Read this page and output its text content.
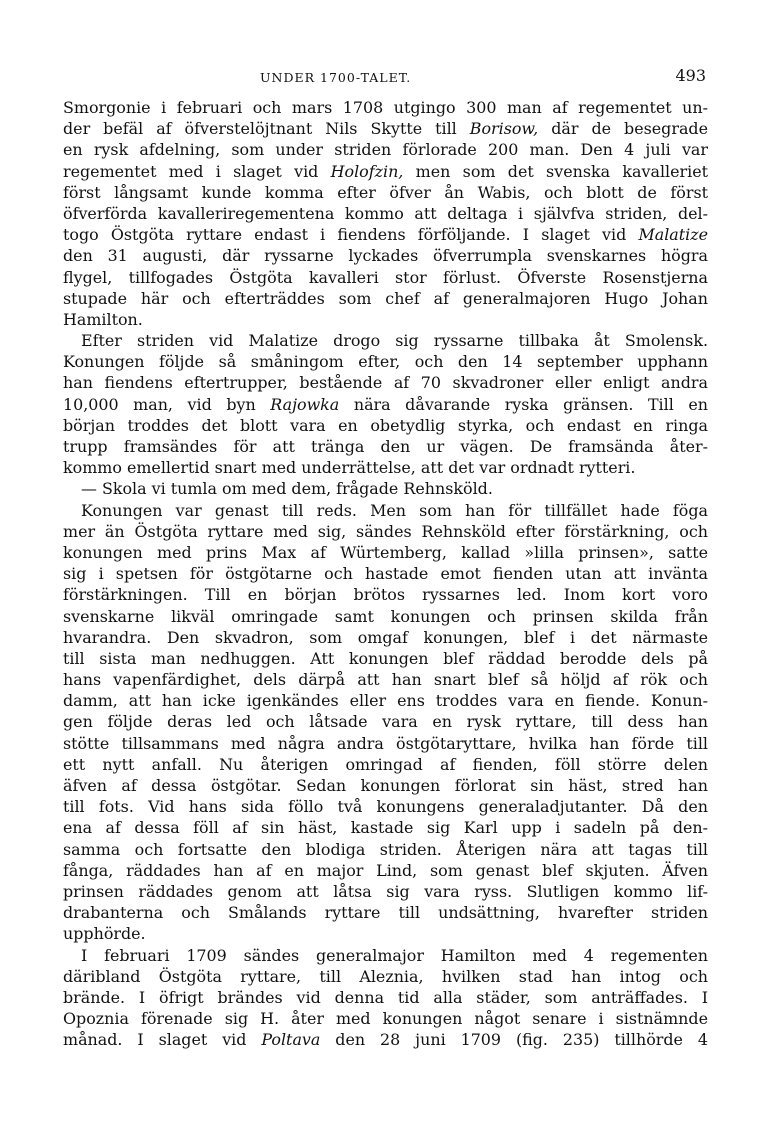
UNDER 1700-TALET.	493
Smorgonie i februari och mars 1708 utgingo 300 man af regementet un-
der befäl af öfverstelöjtnant Nils Skytte till Borisow, där de besegrade
en rysk afdelning, som under striden förlorade 200 man. Den 4 juli var
regementet med i slaget vid Holofzin, men som det svenska kavalleriet
först långsamt kunde komma efter öfver ån Wabis, och blott de först
öfverförda kavalleriregementena kommo att deltaga i självfva striden, del-
togo Östgöta ryttare endast i fiendens förföljande. I slaget vid Malatize
den 31 augusti, där ryssarne lyckades öfverrumpla svenskarnes högra
flygel, tillfogades Östgöta kavalleri stor förlust. Öfverste Rosenstjerna
stupade här och efterträddes som chef af generalmajoren Hugo Johan
Hamilton.
Efter striden vid Malatize drogo sig ryssarne tillbaka åt Smolensk.
Konungen följde så småningom efter, och den 14 september upphann
han fiendens eftertrupper, bestående af 70 skvadroner eller enligt andra
10,000 man, vid byn Rajowka nära dåvarande ryska gränsen. Till en
början troddes det blott vara en obetydlig styrka, och endast en ringa
trupp framsändes för att tränga den ur vägen. De framsända åter-
kommo emellertid snart med underrättelse, att det var ordnadt rytteri.
— Skola vi tumla om med dem, frågade Rehnsköld.
Konungen var genast till reds. Men som han för tillfället hade föga
mer än Östgöta ryttare med sig, sändes Rehnsköld efter förstärkning, och
konungen med prins Max af Würtemberg, kallad »lilla prinsen», satte
sig i spetsen för östgötarne och hastade emot fienden utan att invänta
förstärkningen. Till en början brötos ryssarnes led. Inom kort voro
svenskarne likväl omringade samt konungen och prinsen skilda från
hvarandra. Den skvadron, som omgaf konungen, blef i det närmaste
till sista man nedhuggen. Att konungen blef räddad berodde dels på
hans vapenfärdighet, dels därpå att han snart blef så höljd af rök och
damm, att han icke igenkändes eller ens troddes vara en fiende. Konun-
gen följde deras led och låtsade vara en rysk ryttare, till dess han
stötte tillsammans med några andra östgötaryttare, hvilka han förde till
ett nytt anfall. Nu återigen omringad af fienden, föll större delen
äfven af dessa östgötar. Sedan konungen förlorat sin häst, stred han
till fots. Vid hans sida föllo två konungens generaladjutanter. Då den
ena af dessa föll af sin häst, kastade sig Karl upp i sadeln på den-
samma och fortsatte den blodiga striden. Återigen nära att tagas till
fånga, räddades han af en major Lind, som genast blef skjuten. Äfven
prinsen räddades genom att låtsa sig vara ryss. Slutligen kommo lif-
drabanterna och Smålands ryttare till undsättning, hvarefter striden
upphörde.
I februari 1709 sändes generalmajor Hamilton med 4 regementen
däribland Östgöta ryttare, till Aleznia, hvilken stad han intog och
brände. I öfrigt brändes vid denna tid alla städer, som anträffades. I
Opoznia förenade sig H. åter med konungen något senare i sistnämnde
månad. I slaget vid Poltava den 28 juni 1709 (fig. 235) tillhörde 4
